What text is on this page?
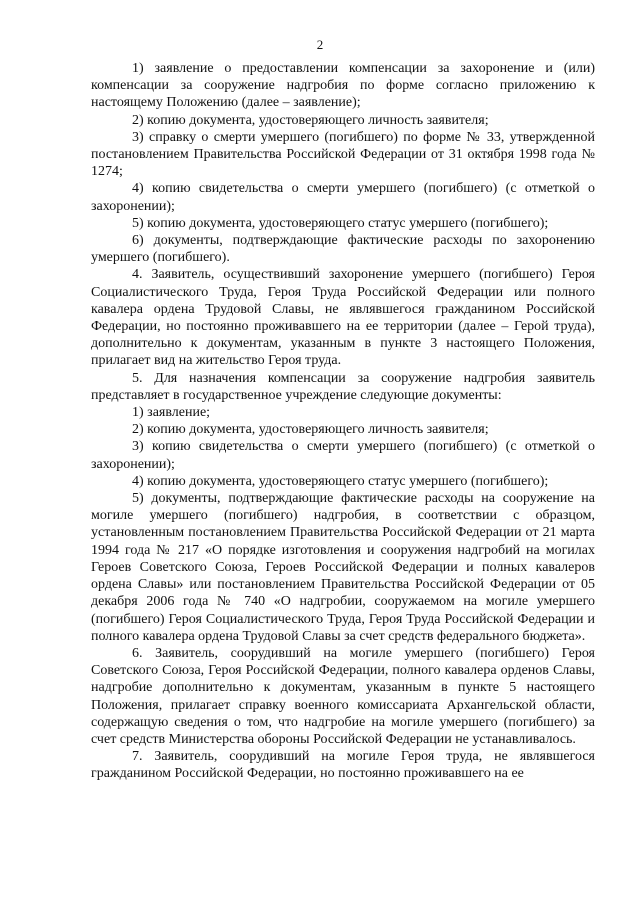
2

1) заявление о предоставлении компенсации за захоронение и (или) компенсации за сооружение надгробия по форме согласно приложению к настоящему Положению (далее – заявление);

2) копию документа, удостоверяющего личность заявителя;

3) справку о смерти умершего (погибшего) по форме № 33, утвержденной постановлением Правительства Российской Федерации от 31 октября 1998 года № 1274;

4) копию свидетельства о смерти умершего (погибшего) (с отметкой о захоронении);

5) копию документа, удостоверяющего статус умершего (погибшего);

6) документы, подтверждающие фактические расходы по захоронению умершего (погибшего).

4. Заявитель, осуществивший захоронение умершего (погибшего) Героя Социалистического Труда, Героя Труда Российской Федерации или полного кавалера ордена Трудовой Славы, не являвшегося гражданином Российской Федерации, но постоянно проживавшего на ее территории (далее – Герой труда), дополнительно к документам, указанным в пункте 3 настоящего Положения, прилагает вид на жительство Героя труда.

5. Для назначения компенсации за сооружение надгробия заявитель представляет в государственное учреждение следующие документы:

1) заявление;

2) копию документа, удостоверяющего личность заявителя;

3) копию свидетельства о смерти умершего (погибшего) (с отметкой о захоронении);

4) копию документа, удостоверяющего статус умершего (погибшего);

5) документы, подтверждающие фактические расходы на сооружение на могиле умершего (погибшего) надгробия, в соответствии с образцом, установленным постановлением Правительства Российской Федерации от 21 марта 1994 года № 217 «О порядке изготовления и сооружения надгробий на могилах Героев Советского Союза, Героев Российской Федерации и полных кавалеров ордена Славы» или постановлением Правительства Российской Федерации от 05 декабря 2006 года № 740 «О надгробии, сооружаемом на могиле умершего (погибшего) Героя Социалистического Труда, Героя Труда Российской Федерации и полного кавалера ордена Трудовой Славы за счет средств федерального бюджета».

6. Заявитель, соорудивший на могиле умершего (погибшего) Героя Советского Союза, Героя Российской Федерации, полного кавалера орденов Славы, надгробие дополнительно к документам, указанным в пункте 5 настоящего Положения, прилагает справку военного комиссариата Архангельской области, содержащую сведения о том, что надгробие на могиле умершего (погибшего) за счет средств Министерства обороны Российской Федерации не устанавливалось.

7. Заявитель, соорудивший на могиле Героя труда, не являвшегося гражданином Российской Федерации, но постоянно проживавшего на ее
